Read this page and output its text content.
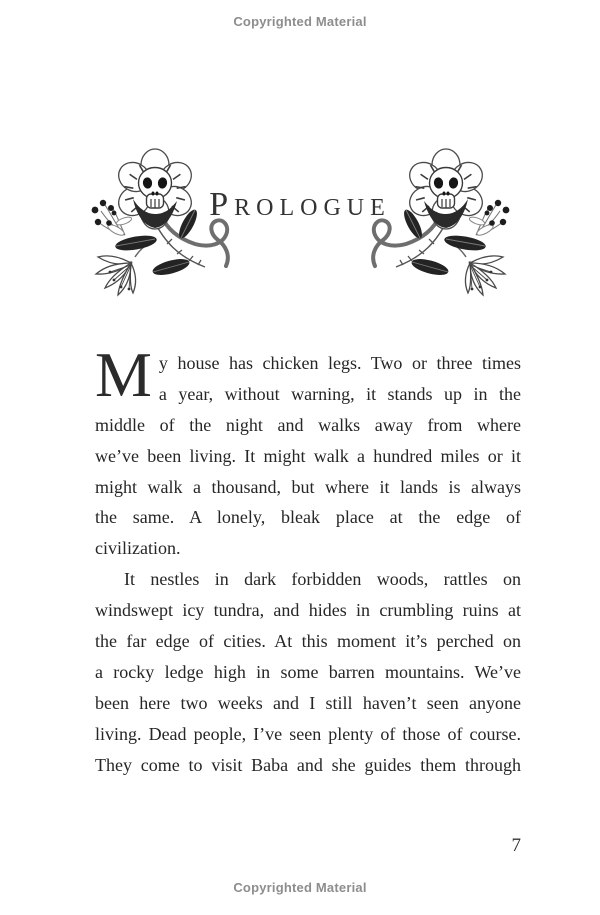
Copyrighted Material
Prologue
M y house has chicken legs. Two or three times
a year, without warning, it stands up in the
middle of the night and walks away from where
we’ve been living. It might walk a hundred miles or it
might walk a thousand, but where it lands is always
the same. A lonely, bleak place at the edge of
civilization.
It nestles in dark forbidden woods, rattles on
windswept icy tundra, and hides in crumbling ruins at
the far edge of cities. At this moment it’s perched on
a rocky ledge high in some barren mountains. We’ve
been here two weeks and I still haven’t seen anyone
living. Dead people, I’ve seen plenty of those of course.
They come to visit Baba and she guides them through
7
Copyrighted Material
